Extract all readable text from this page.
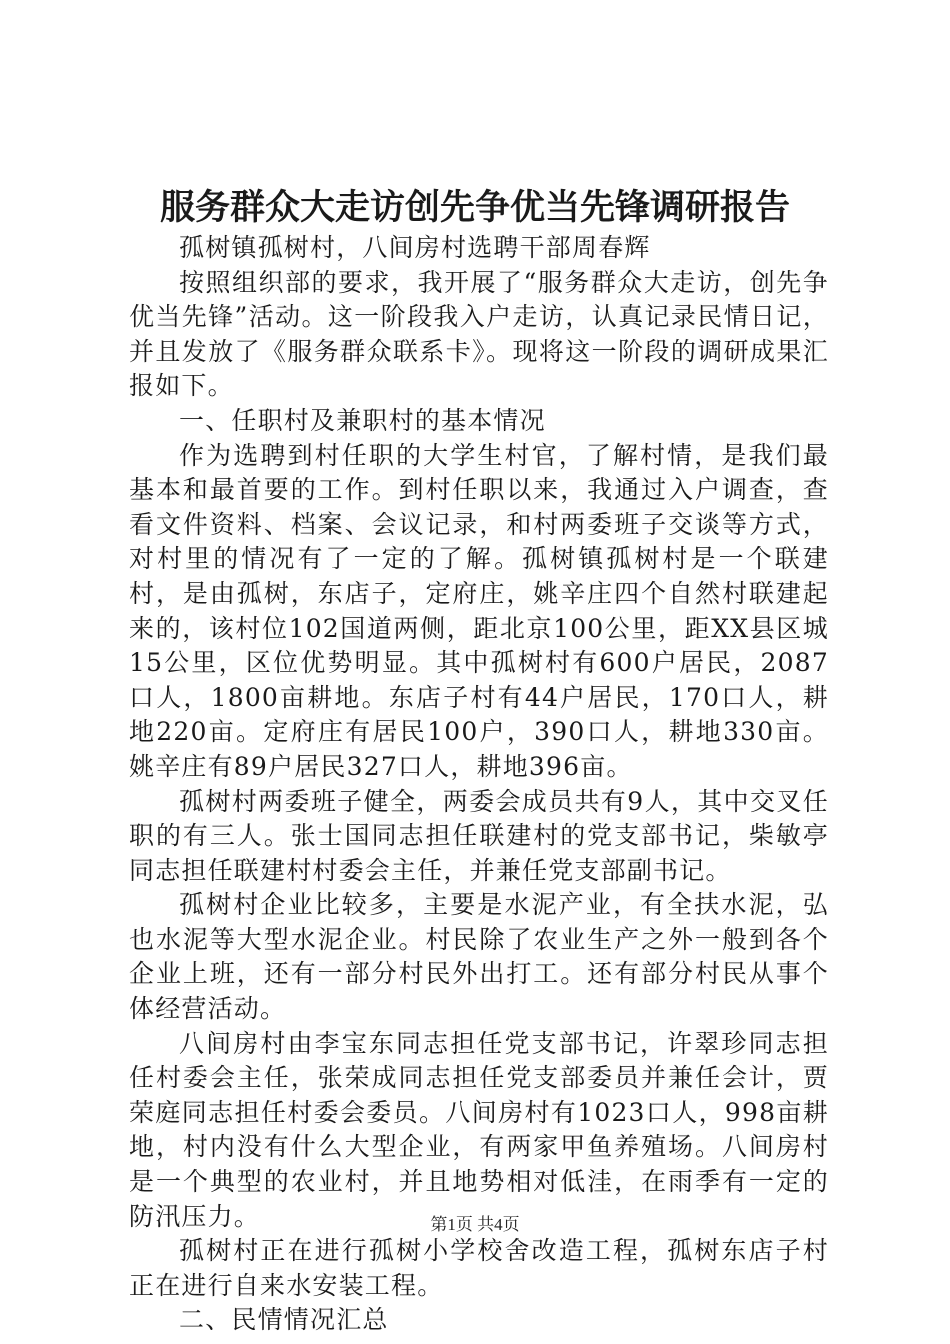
服务群众大走访创先争优当先锋调研报告

孤树镇孤树村，八间房村选聘干部周春辉

按照组织部的要求，我开展了“服务群众大走访，创先争优当先锋”活动。这一阶段我入户走访，认真记录民情日记，并且发放了《服务群众联系卡》。现将这一阶段的调研成果汇报如下。

一、任职村及兼职村的基本情况

作为选聘到村任职的大学生村官，了解村情，是我们最基本和最首要的工作。到村任职以来，我通过入户调查，查看文件资料、档案、会议记录，和村两委班子交谈等方式，对村里的情况有了一定的了解。孤树镇孤树村是一个联建村，是由孤树，东店子，定府庄，姚辛庄四个自然村联建起来的，该村位102国道两侧，距北京100公里，距XX县区城15公里，区位优势明显。其中孤树村有600户居民，2087口人，1800亩耕地。东店子村有44户居民，170口人，耕地220亩。定府庄有居民100户，390口人，耕地330亩。姚辛庄有89户居民327口人，耕地396亩。

孤树村两委班子健全，两委会成员共有9人，其中交叉任职的有三人。张士国同志担任联建村的党支部书记，柴敏亭同志担任联建村村委会主任，并兼任党支部副书记。

孤树村企业比较多，主要是水泥产业，有全扶水泥，弘也水泥等大型水泥企业。村民除了农业生产之外一般到各个企业上班，还有一部分村民外出打工。还有部分村民从事个体经营活动。

八间房村由李宝东同志担任党支部书记，许翠珍同志担任村委会主任，张荣成同志担任党支部委员并兼任会计，贾荣庭同志担任村委会委员。八间房村有1023口人，998亩耕地，村内没有什么大型企业，有两家甲鱼养殖场。八间房村是一个典型的农业村，并且地势相对低洼，在雨季有一定的防汛压力。

孤树村正在进行孤树小学校舍改造工程，孤树东店子村正在进行自来水安装工程。

二、民情情况汇总

第1页 共4页
